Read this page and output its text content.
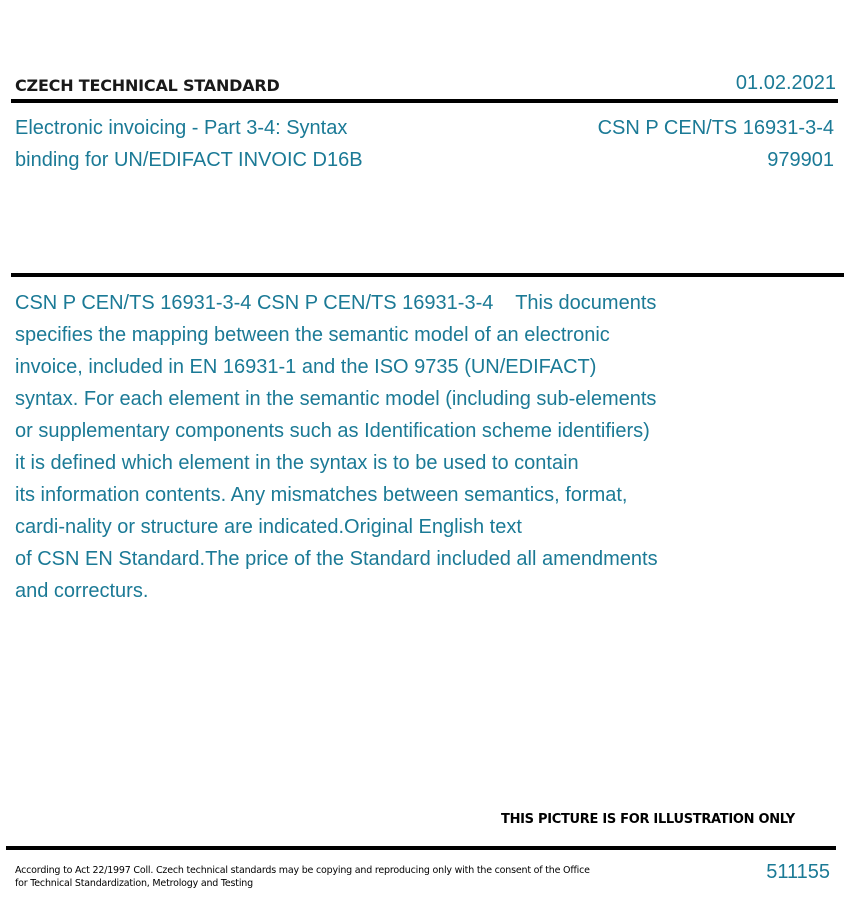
CZECH TECHNICAL STANDARD	01.02.2021
Electronic invoicing - Part 3-4: Syntax
binding for UN/EDIFACT INVOIC D16B
CSN P CEN/TS 16931-3-4
979901
CSN P CEN/TS 16931-3-4 CSN P CEN/TS 16931-3-4    This documents
specifies the mapping between the semantic model of an electronic
invoice, included in EN 16931-1 and the ISO 9735 (UN/EDIFACT)
syntax. For each element in the semantic model (including sub-elements
or supplementary components such as Identification scheme identifiers)
it is defined which element in the syntax is to be used to contain
its information contents. Any mismatches between semantics, format,
cardi-nality or structure are indicated.Original English text
of CSN EN Standard.The price of the Standard included all amendments
and correcturs.
THIS PICTURE IS FOR ILLUSTRATION ONLY
According to Act 22/1997 Coll. Czech technical standards may be copying and reproducing only with the consent of the Office
for Technical Standardization, Metrology and Testing
511155
